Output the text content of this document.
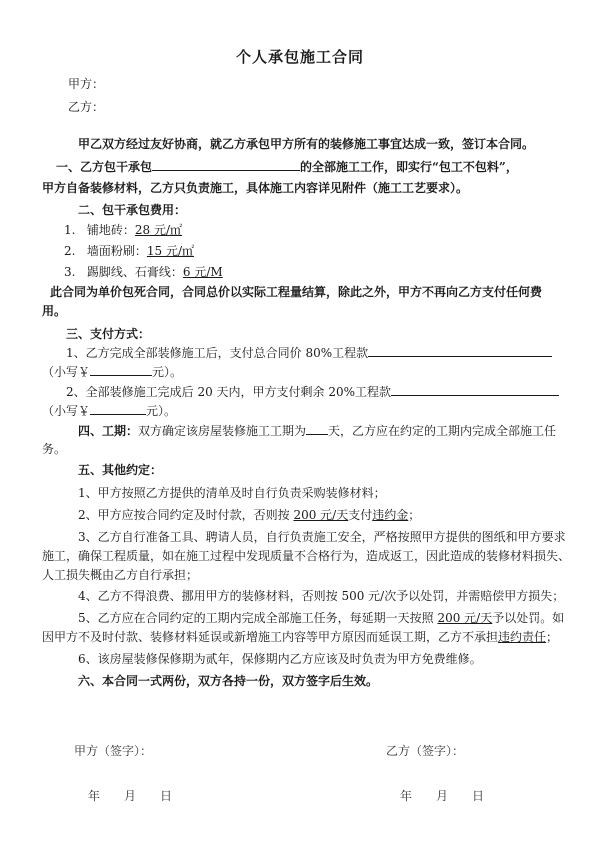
个人承包施工合同
甲方：
乙方：
甲乙双方经过友好协商，就乙方承包甲方所有的装修施工事宜达成一致，签订本合同。
一、乙方包干承包	的全部施工工作，即实行“包工不包料”，
甲方自备装修材料，乙方只负责施工，具体施工内容详见附件（施工工艺要求）。
二、包干承包费用：
1. 铺地砖：28 元/㎡
2. 墙面粉刷：15 元/㎡
3. 踢脚线、石膏线：6 元/M
此合同为单价包死合同，合同总价以实际工程量结算，除此之外，甲方不再向乙方支付任何费
用。
三、支付方式：
1、乙方完成全部装修施工后，支付总合同价 80%工程款
（小写￥	元）。
2、全部装修施工完成后 20 天内，甲方支付剩余 20%工程款
（小写￥	元）。
四、工期：双方确定该房屋装修施工工期为 天，乙方应在约定的工期内完成全部施工任
务。
五、其他约定：
1、甲方按照乙方提供的清单及时自行负责采购装修材料；
2、甲方应按合同约定及时付款，否则按 200 元/天支付违约金；
3、乙方自行准备工具、聘请人员，自行负责施工安全，严格按照甲方提供的图纸和甲方要求
施工，确保工程质量，如在施工过程中发现质量不合格行为，造成返工，因此造成的装修材料损失、
人工损失概由乙方自行承担；
4、乙方不得浪费、挪用甲方的装修材料，否则按 500 元/次予以处罚，并需赔偿甲方损失；
5、乙方应在合同约定的工期内完成全部施工任务，每延期一天按照 200 元/天予以处罚。如
因甲方不及时付款、装修材料延误或新增施工内容等甲方原因而延误工期，乙方不承担违约责任；
6、该房屋装修保修期为贰年，保修期内乙方应该及时负责为甲方免费维修。
六、本合同一式两份，双方各持一份，双方签字后生效。
甲方（签字）：	乙方（签字）：
年　　月　　日	年　　月　　日
